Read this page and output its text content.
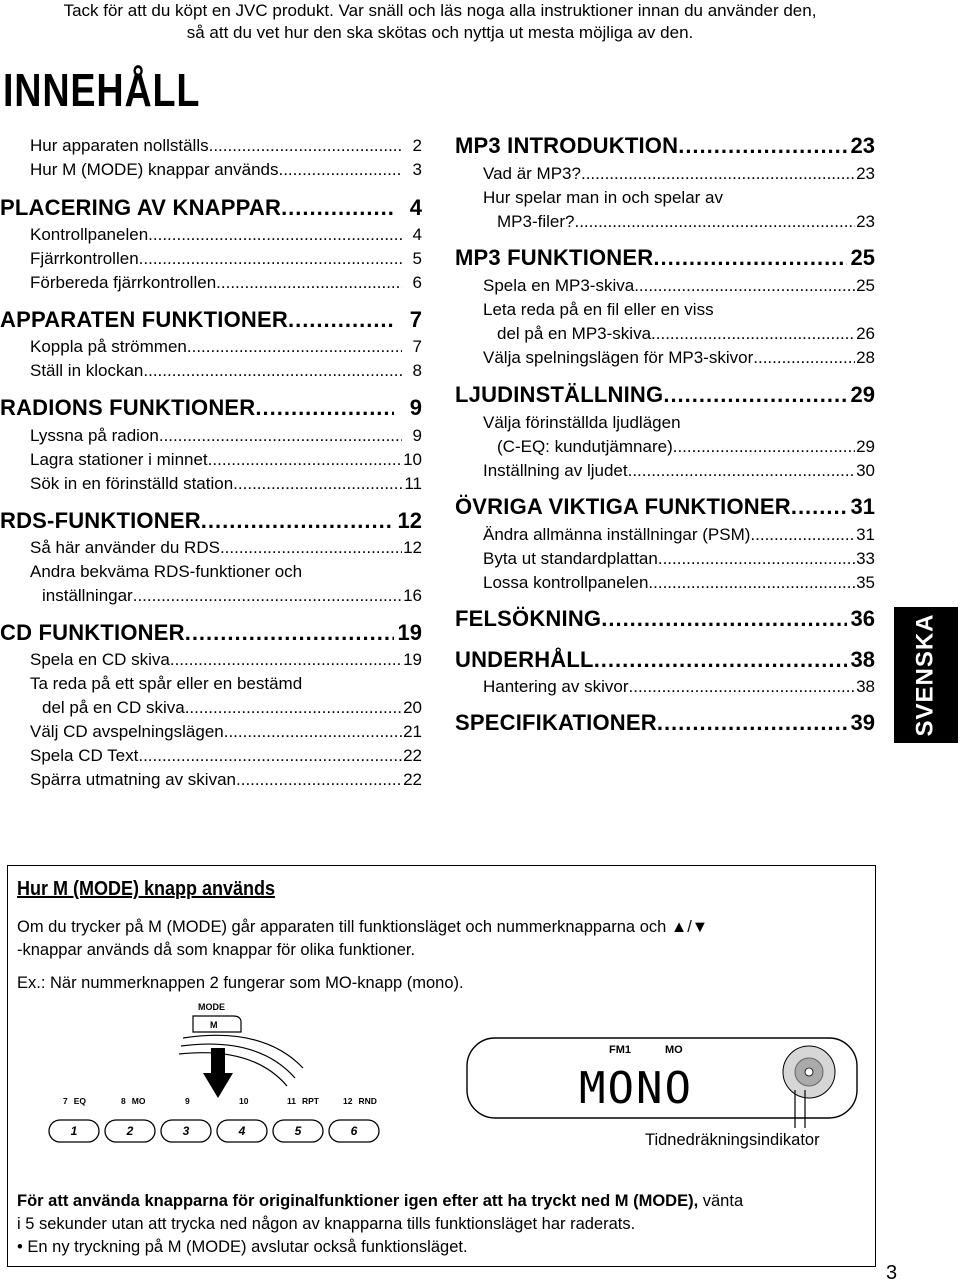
Tack för att du köpt en JVC produkt. Var snäll och läs noga alla instruktioner innan du använder den,
så att du vet hur den ska skötas och nyttja ut mesta möjliga av den.
INNEHÅLL
Hur apparaten nollställs .....	2
Hur M (MODE) knappar används .....	3
PLACERING AV KNAPPAR .....	4
Kontrollpanelen .....	4
Fjärrkontrollen .....	5
Förbereda fjärrkontrollen .....	6
APPARATEN FUNKTIONER .....	7
Koppla på strömmen .....	7
Ställ in klockan .....	8
RADIONS FUNKTIONER .....	9
Lyssna på radion .....	9
Lagra stationer i minnet .....	10
Sök in en förinställd station .....	11
RDS-FUNKTIONER .....	12
Så här använder du RDS .....	12
Andra bekväma RDS-funktioner och
inställningar .....	16
CD FUNKTIONER .....	19
Spela en CD skiva .....	19
Ta reda på ett spår eller en bestämd
del på en CD skiva .....	20
Välj CD avspelningslägen .....	21
Spela CD Text .....	22
Spärra utmatning av skivan .....	22
MP3 INTRODUKTION .....	23
Vad är MP3? .....	23
Hur spelar man in och spelar av
MP3-filer? .....	23
MP3 FUNKTIONER .....	25
Spela en MP3-skiva .....	25
Leta reda på en fil eller en viss
del på en MP3-skiva .....	26
Välja spelningslägen för MP3-skivor .....	28
LJUDINSTÄLLNING .....	29
Välja förinställda ljudlägen
(C-EQ: kundutjämnare) .....	29
Inställning av ljudet .....	30
ÖVRIGA VIKTIGA FUNKTIONER .....	31
Ändra allmänna inställningar (PSM) .....	31
Byta ut standardplattan .....	33
Lossa kontrollpanelen .....	35
FELSÖKNING .....	36
UNDERHÅLL .....	38
Hantering av skivor .....	38
SPECIFIKATIONER .....	39 SVENSKA
Hur M (MODE) knapp används
Om du trycker på M (MODE) går apparaten till funktionsläget och nummerknapparna och ▲/▼
-knappar används då som knappar för olika funktioner.
Ex.: När nummerknappen 2 fungerar som MO-knapp (mono).
MODE
M
7 EQ	8 MO	9	10	11 RPT	12 RND
1	2	3	4	5	6
FM1	MO
MONO
Tidnedräkningsindikator
För att använda knapparna för originalfunktioner igen efter att ha tryckt ned M (MODE), vänta
i 5 sekunder utan att trycka ned någon av knapparna tills funktionsläget har raderats.
• En ny tryckning på M (MODE) avslutar också funktionsläget.
3
